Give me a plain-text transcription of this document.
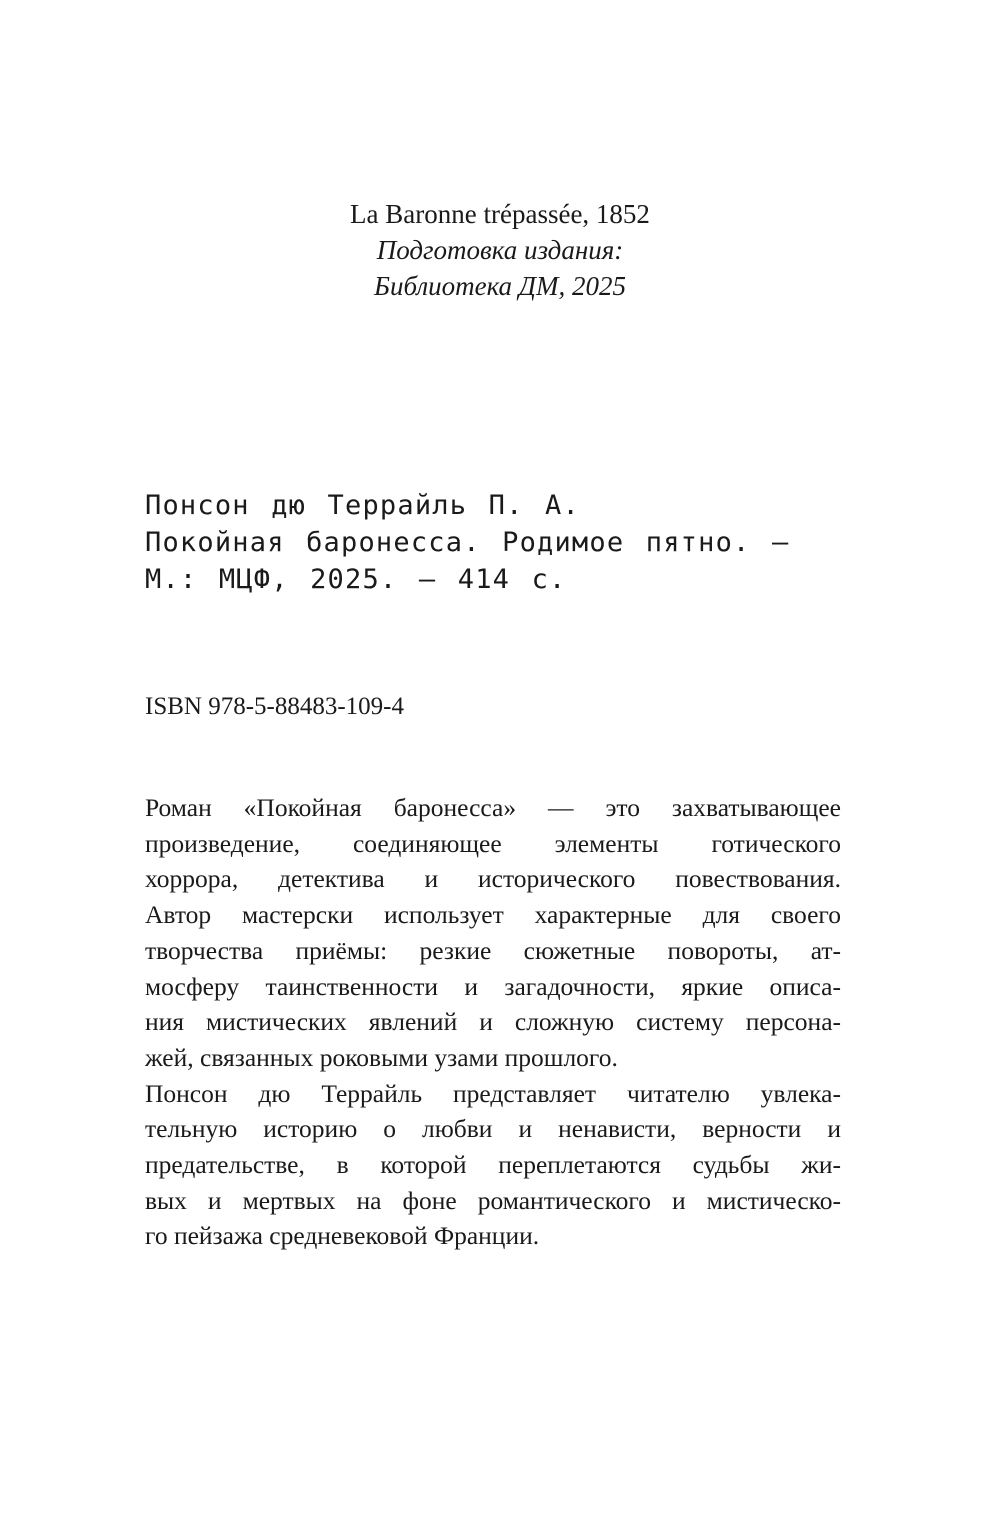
La Baronne trépassée, 1852
Подготовка издания:
Библиотека ДМ, 2025
Понсон дю Террайль П. А.
Покойная баронесса. Родимое пятно. —
М.: МЦФ, 2025. — 414 с.
ISBN 978-5-88483-109-4
Роман «Покойная баронесса» — это захватывающее
произведение, соединяющее элементы готического
хоррора, детектива и исторического повествования.
Автор мастерски использует характерные для своего
творчества приёмы: резкие сюжетные повороты, ат-
мосферу таинственности и загадочности, яркие описа-
ния мистических явлений и сложную систему персона-
жей, связанных роковыми узами прошлого.
Понсон дю Террайль представляет читателю увлека-
тельную историю о любви и ненависти, верности и
предательстве, в которой переплетаются судьбы жи-
вых и мертвых на фоне романтического и мистическо-
го пейзажа средневековой Франции.
